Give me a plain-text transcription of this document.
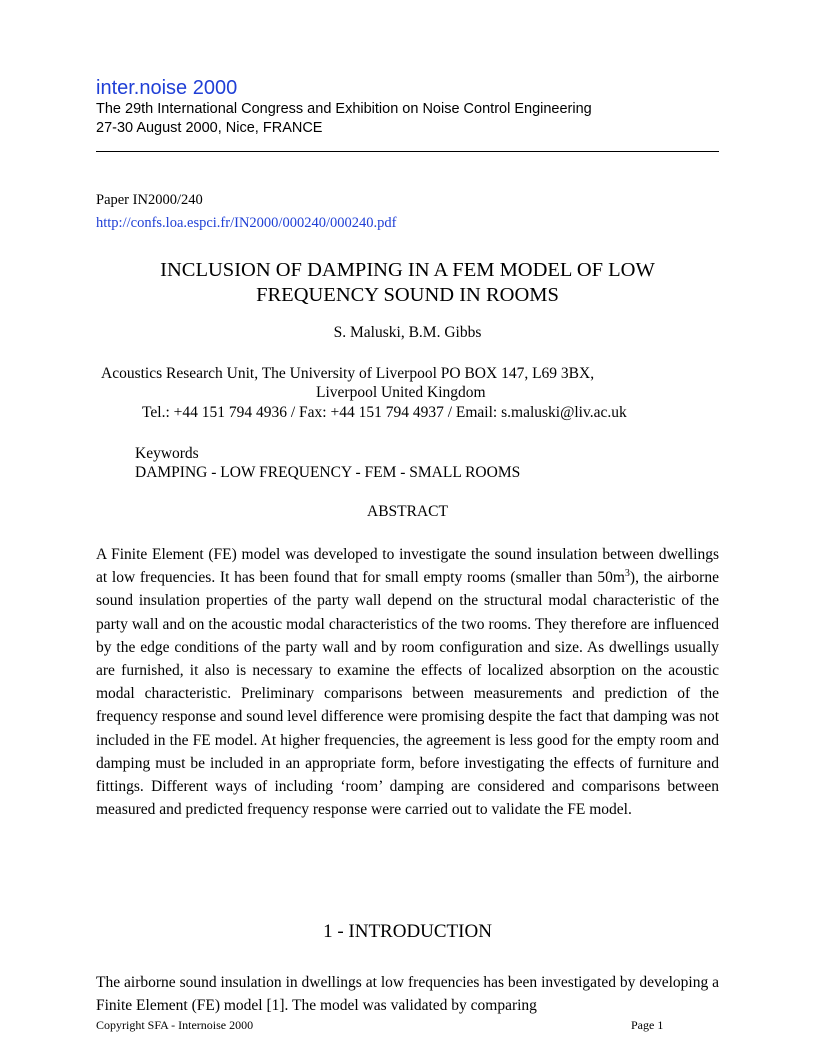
inter.noise 2000
The 29th International Congress and Exhibition on Noise Control Engineering
27-30 August 2000, Nice, FRANCE
Paper IN2000/240
http://confs.loa.espci.fr/IN2000/000240/000240.pdf
INCLUSION OF DAMPING IN A FEM MODEL OF LOW
FREQUENCY SOUND IN ROOMS
S. Maluski, B.M. Gibbs
Acoustics Research Unit, The University of Liverpool PO BOX 147, L69 3BX,
Liverpool United Kingdom
Tel.: +44 151 794 4936 / Fax: +44 151 794 4937 / Email: s.maluski@liv.ac.uk
Keywords
DAMPING - LOW FREQUENCY - FEM - SMALL ROOMS
ABSTRACT
A Finite Element (FE) model was developed to investigate the sound insulation between dwellings at low frequencies. It has been found that for small empty rooms (smaller than $50m^3$), the airborne sound insulation properties of the party wall depend on the structural modal characteristic of the party wall and on the acoustic modal characteristics of the two rooms. They therefore are influenced by the edge conditions of the party wall and by room configuration and size. As dwellings usually are furnished, it also is necessary to examine the effects of localized absorption on the acoustic modal characteristic. Preliminary comparisons between measurements and prediction of the frequency response and sound level difference were promising despite the fact that damping was not included in the FE model. At higher frequencies, the agreement is less good for the empty room and damping must be included in an appropriate form, before investigating the effects of furniture and fittings. Different ways of including ‘room’ damping are considered and comparisons between measured and predicted frequency response were carried out to validate the FE model.
1 - INTRODUCTION
The airborne sound insulation in dwellings at low frequencies has been investigated by developing a Finite Element (FE) model [1]. The model was validated by comparing
Copyright SFA - Internoise 2000	Page 1
